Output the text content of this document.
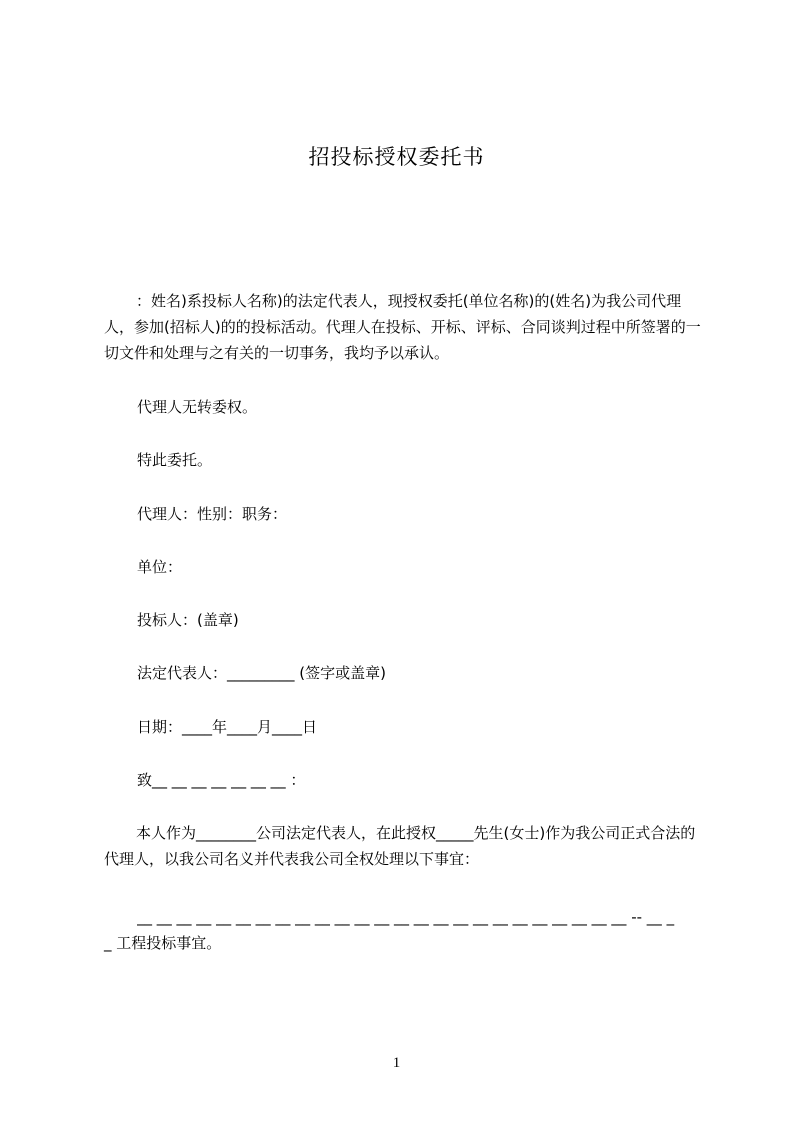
招投标授权委托书

：姓名)系投标人名称)的法定代表人，现授权委托(单位名称)的(姓名)为我公司代理人，参加(招标人)的的投标活动。代理人在投标、开标、评标、合同谈判过程中所签署的一切文件和处理与之有关的一切事务，我均予以承认。

代理人无转委权。

特此委托。

代理人：性别：职务：

单位：

投标人：(盖章)

法定代表人：_________ (签字或盖章)

日期：____年____月____日

致__ __ __ __ __ __ __ ：

本人作为________公司法定代表人，在此授权_____先生(女士)作为我公司正式合法的代理人，以我公司名义并代表我公司全权处理以下事宜：

__ __ __ __ __ __ __ __ __ __ __ __ __ __ __ __ __ __ __ __ __ __ __ __ __ -- __ _
_ 工程投标事宜。
1
